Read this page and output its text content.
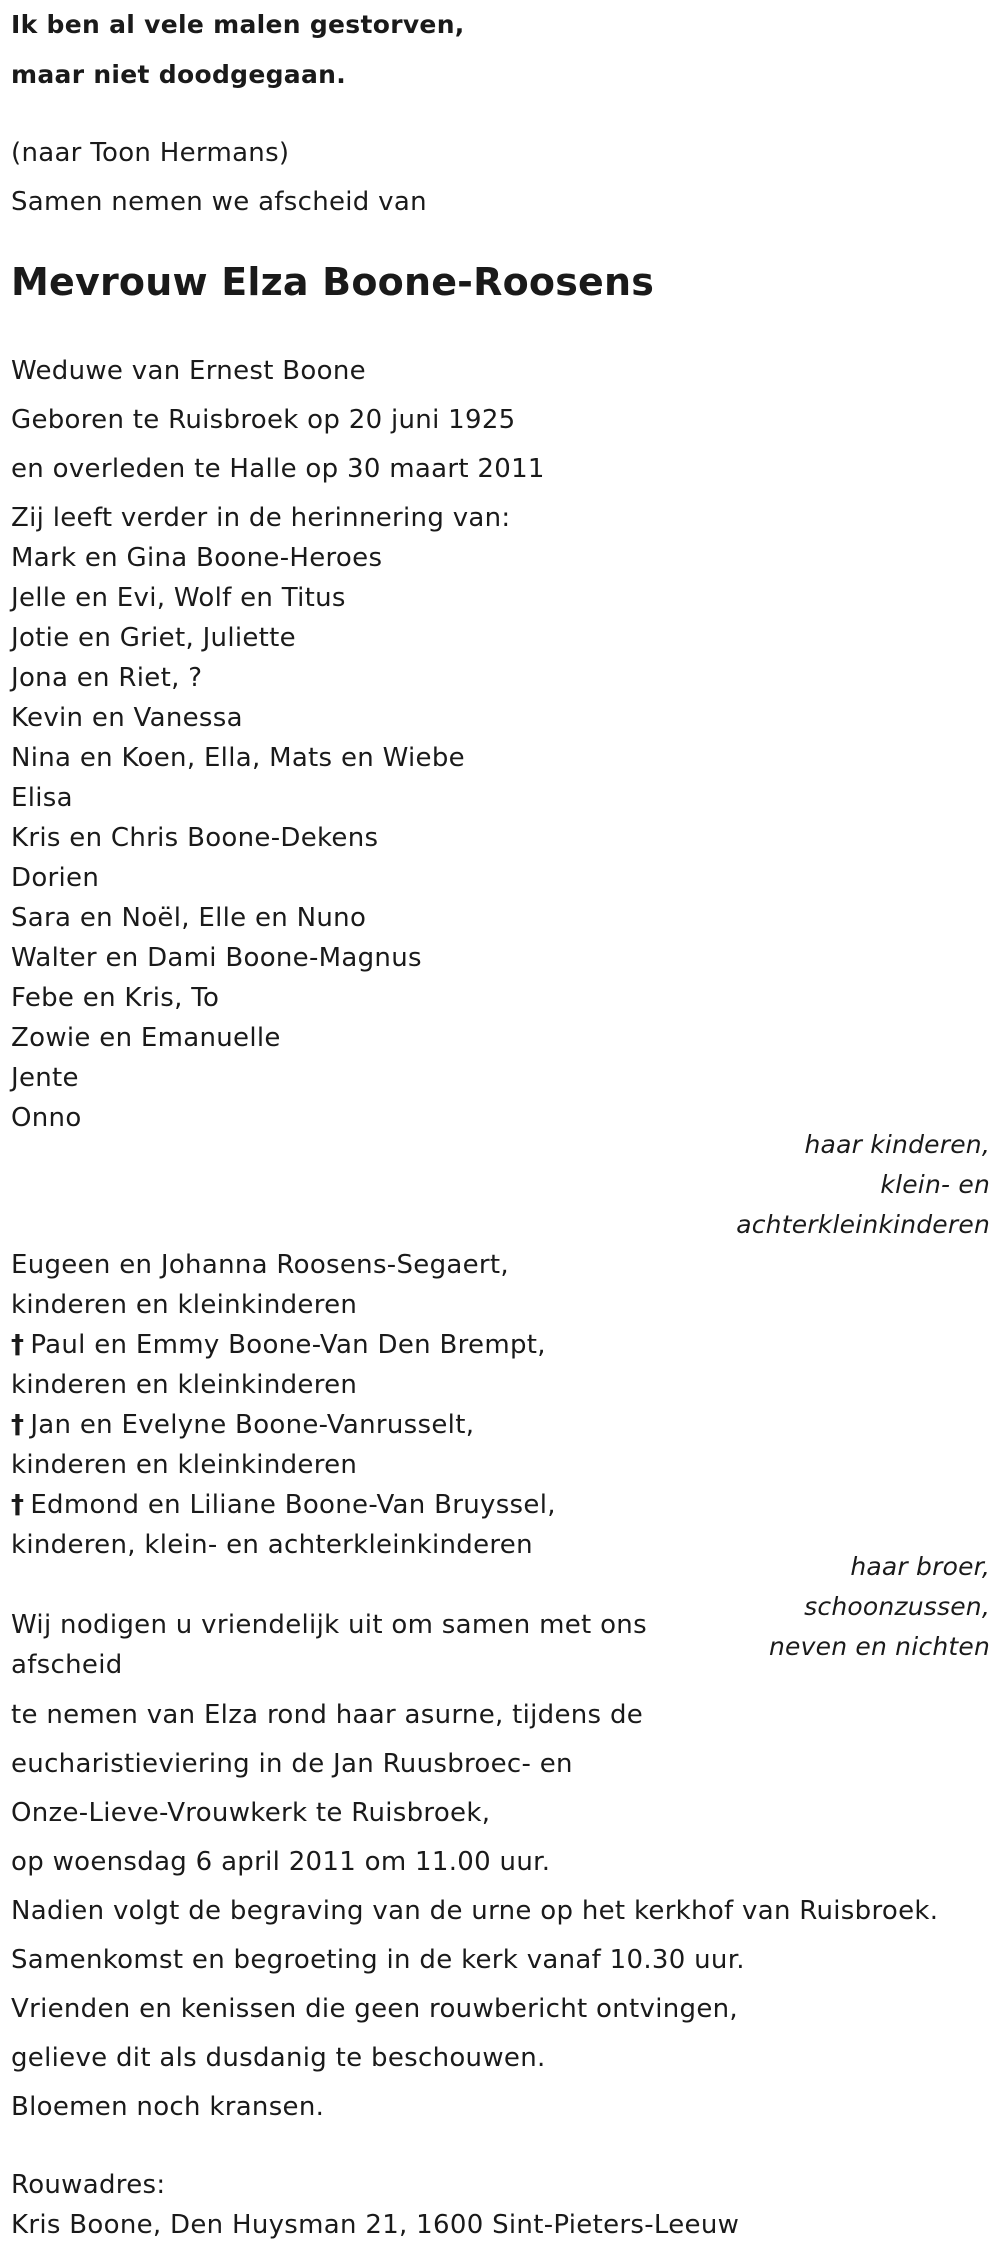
Ik ben al vele malen gestorven,
maar niet doodgegaan.
(naar Toon Hermans)
Samen nemen we afscheid van
Mevrouw Elza Boone-Roosens
Weduwe van Ernest Boone
Geboren te Ruisbroek op 20 juni 1925
en overleden te Halle op 30 maart 2011
Zij leeft verder in de herinnering van:
Mark en Gina Boone-Heroes
Jelle en Evi, Wolf en Titus
Jotie en Griet, Juliette
Jona en Riet, ?
Kevin en Vanessa
Nina en Koen, Ella, Mats en Wiebe
Elisa
Kris en Chris Boone-Dekens
Dorien
Sara en Noël, Elle en Nuno
Walter en Dami Boone-Magnus
Febe en Kris, To
Zowie en Emanuelle
Jente
Onno
haar kinderen,
klein- en
achterkleinkinderen
Eugeen en Johanna Roosens-Segaert,
kinderen en kleinkinderen
† Paul en Emmy Boone-Van Den Brempt,
kinderen en kleinkinderen
† Jan en Evelyne Boone-Vanrusselt,
kinderen en kleinkinderen
† Edmond en Liliane Boone-Van Bruyssel,
kinderen, klein- en achterkleinkinderen
haar broer,
schoonzussen,
neven en nichten
Wij nodigen u vriendelijk uit om samen met ons
afscheid
te nemen van Elza rond haar asurne, tijdens de
eucharistieviering in de Jan Ruusbroec- en
Onze-Lieve-Vrouwkerk te Ruisbroek,
op woensdag 6 april 2011 om 11.00 uur.
Nadien volgt de begraving van de urne op het kerkhof van Ruisbroek.
Samenkomst en begroeting in de kerk vanaf 10.30 uur.
Vrienden en kenissen die geen rouwbericht ontvingen,
gelieve dit als dusdanig te beschouwen.
Bloemen noch kransen.
Rouwadres:
Kris Boone, Den Huysman 21, 1600 Sint-Pieters-Leeuw
